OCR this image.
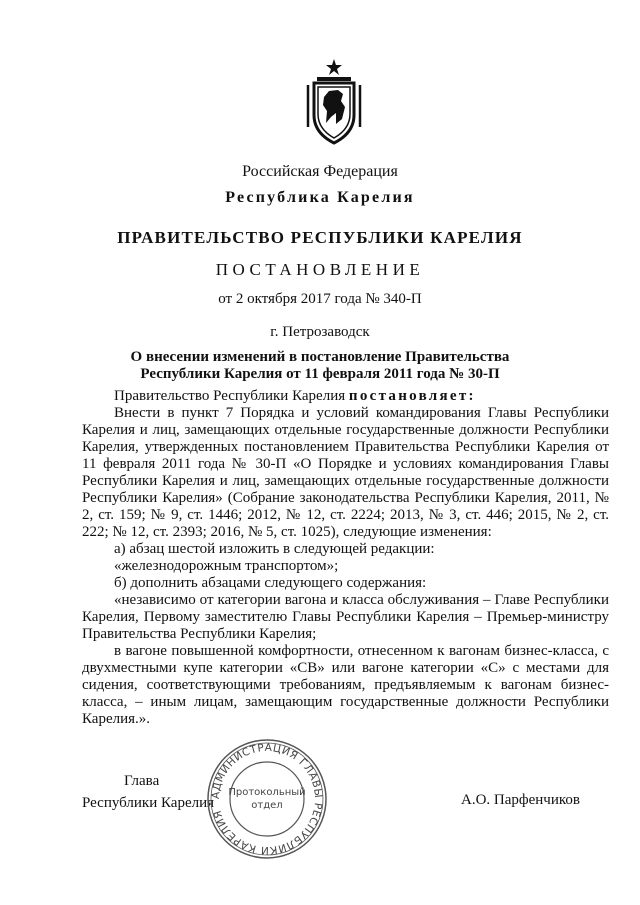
Российская Федерация
Республика Карелия
ПРАВИТЕЛЬСТВО РЕСПУБЛИКИ КАРЕЛИЯ
ПОСТАНОВЛЕНИЕ
от 2 октября 2017 года № 340-П
г. Петрозаводск
О внесении изменений в постановление Правительства
Республики Карелия от 11 февраля 2011 года № 30-П

Правительство Республики Карелия постановляет:

Внести в пункт 7 Порядка и условий командирования Главы Республики Карелия и лиц, замещающих отдельные государственные должности Республики Карелия, утвержденных постановлением Правительства Республики Карелия от 11 февраля 2011 года № 30-П «О Порядке и условиях командирования Главы Республики Карелия и лиц, замещающих отдельные государственные должности Республики Карелия» (Собрание законодательства Республики Карелия, 2011, № 2, ст. 159; № 9, ст. 1446; 2012, № 12, ст. 2224; 2013, № 3, ст. 446; 2015, № 2, ст. 222; № 12, ст. 2393; 2016, № 5, ст. 1025), следующие изменения:

а) абзац шестой изложить в следующей редакции:

«железнодорожным транспортом»;

б) дополнить абзацами следующего содержания:

«независимо от категории вагона и класса обслуживания – Главе Республики Карелия, Первому заместителю Главы Республики Карелия – Премьер-министру Правительства Республики Карелия;

в вагоне повышенной комфортности, отнесенном к вагонам бизнес-класса, с двухместными купе категории «СВ» или вагоне категории «С» с местами для сидения, соответствующими требованиям, предъявляемым к вагонам бизнес-класса, – иным лицам, замещающим государственные должности Республики Карелия.».

Глава
Республики Карелия
АДМИНИСТРАЦИЯ ГЛАВЫ РЕСПУБЛИКИ КАРЕЛИЯ
Протокольный
отдел	А.О. Парфенчиков
